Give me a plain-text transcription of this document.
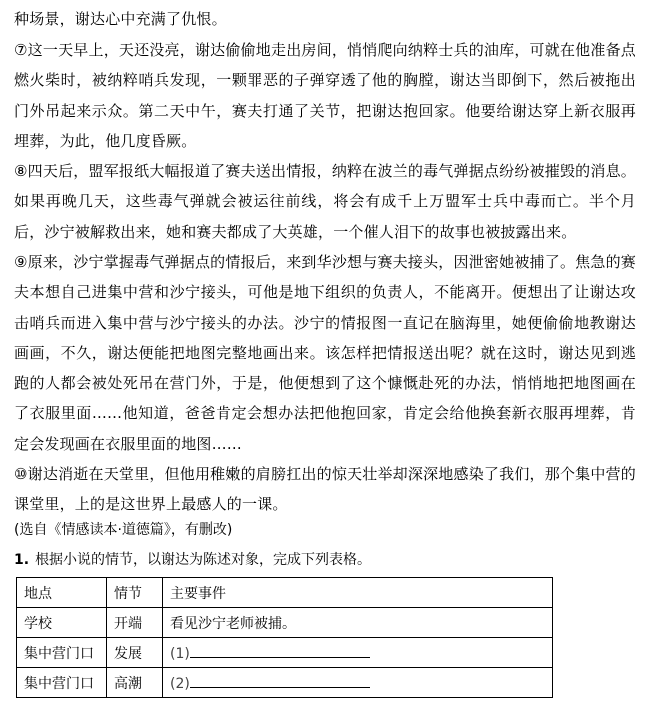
种场景，谢达心中充满了仇恨。

⑦这一天早上，天还没亮，谢达偷偷地走出房间，悄悄爬向纳粹士兵的油库，可就在他准备点燃火柴时，被纳粹哨兵发现，一颗罪恶的子弹穿透了他的胸膛，谢达当即倒下，然后被拖出门外吊起来示众。第二天中午，赛夫打通了关节，把谢达抱回家。他要给谢达穿上新衣服再埋葬，为此，他几度昏厥。

⑧四天后，盟军报纸大幅报道了赛夫送出情报，纳粹在波兰的毒气弹据点纷纷被摧毁的消息。如果再晚几天，这些毒气弹就会被运往前线，将会有成千上万盟军士兵中毒而亡。半个月后，沙宁被解救出来，她和赛夫都成了大英雄，一个催人泪下的故事也被披露出来。

⑨原来，沙宁掌握毒气弹据点的情报后，来到华沙想与赛夫接头，因泄密她被捕了。焦急的赛夫本想自己进集中营和沙宁接头，可他是地下组织的负责人，不能离开。便想出了让谢达攻击哨兵而进入集中营与沙宁接头的办法。沙宁的情报图一直记在脑海里，她便偷偷地教谢达画画，不久，谢达便能把地图完整地画出来。该怎样把情报送出呢？就在这时，谢达见到逃跑的人都会被处死吊在营门外，于是，他便想到了这个慷慨赴死的办法，悄悄地把地图画在了衣服里面……他知道，爸爸肯定会想办法把他抱回家，肯定会给他换套新衣服再埋葬，肯定会发现画在衣服里面的地图……

⑩谢达消逝在天堂里，但他用稚嫩的肩膀扛出的惊天壮举却深深地感染了我们，那个集中营的课堂里，上的是这世界上最感人的一课。

(选自《情感读本·道德篇》，有删改)
1. 根据小说的情节，以谢达为陈述对象，完成下列表格。
地点	情节	主要事件
学校	开端	看见沙宁老师被捕。
集中营门口	发展	(1)
集中营门口	高潮	(2)
